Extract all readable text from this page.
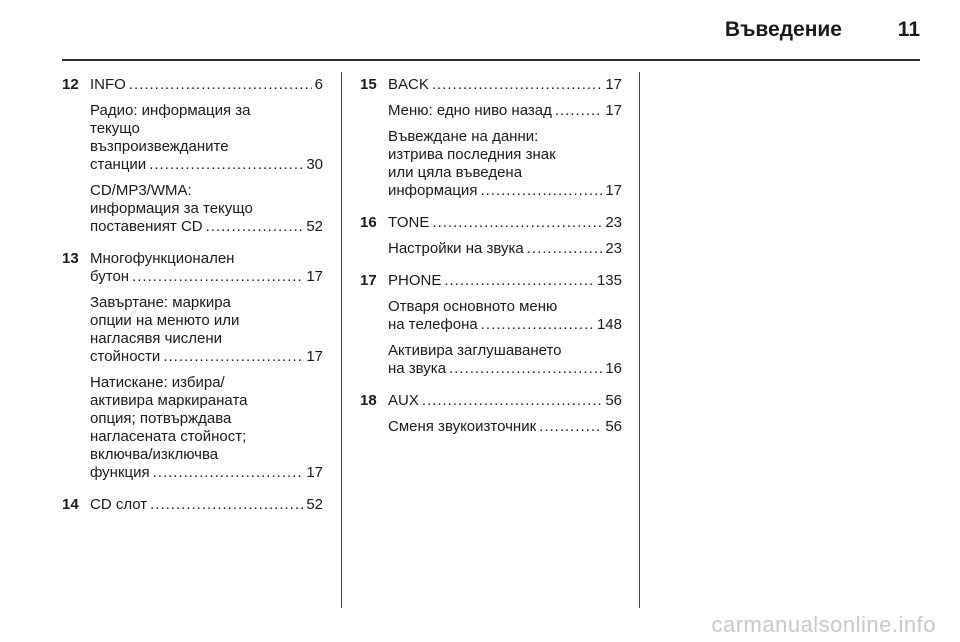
Въведение	11
12 INFO .....	6
Радио: информация за
текущо
възпроизвежданите
станции .....	30
CD/MP3/WMA:
информация за текущо
поставеният CD .....	52
13 Многофункционален
бутон .....	17
Завъртане: маркира
опции на менюто или
нагласявя числени
стойности .....	17
Натискане: избира/
активира маркираната
опция; потвърждава
нагласената стойност;
включва/изключва
функция .....	17
14 CD слот .....	52
15 BACK .....	17
Меню: едно ниво назад .....	17
Въвеждане на данни:
изтрива последния знак
или цяла въведена
информация .....	17
16 TONE .....	23
Настройки на звука .....	23
17 PHONE .....	135
Отваря основното меню
на телефона .....	148
Активира заглушаването
на звука .....	16
18 AUX .....	56
Сменя звукоизточник .....	56
carmanualsonline.info
